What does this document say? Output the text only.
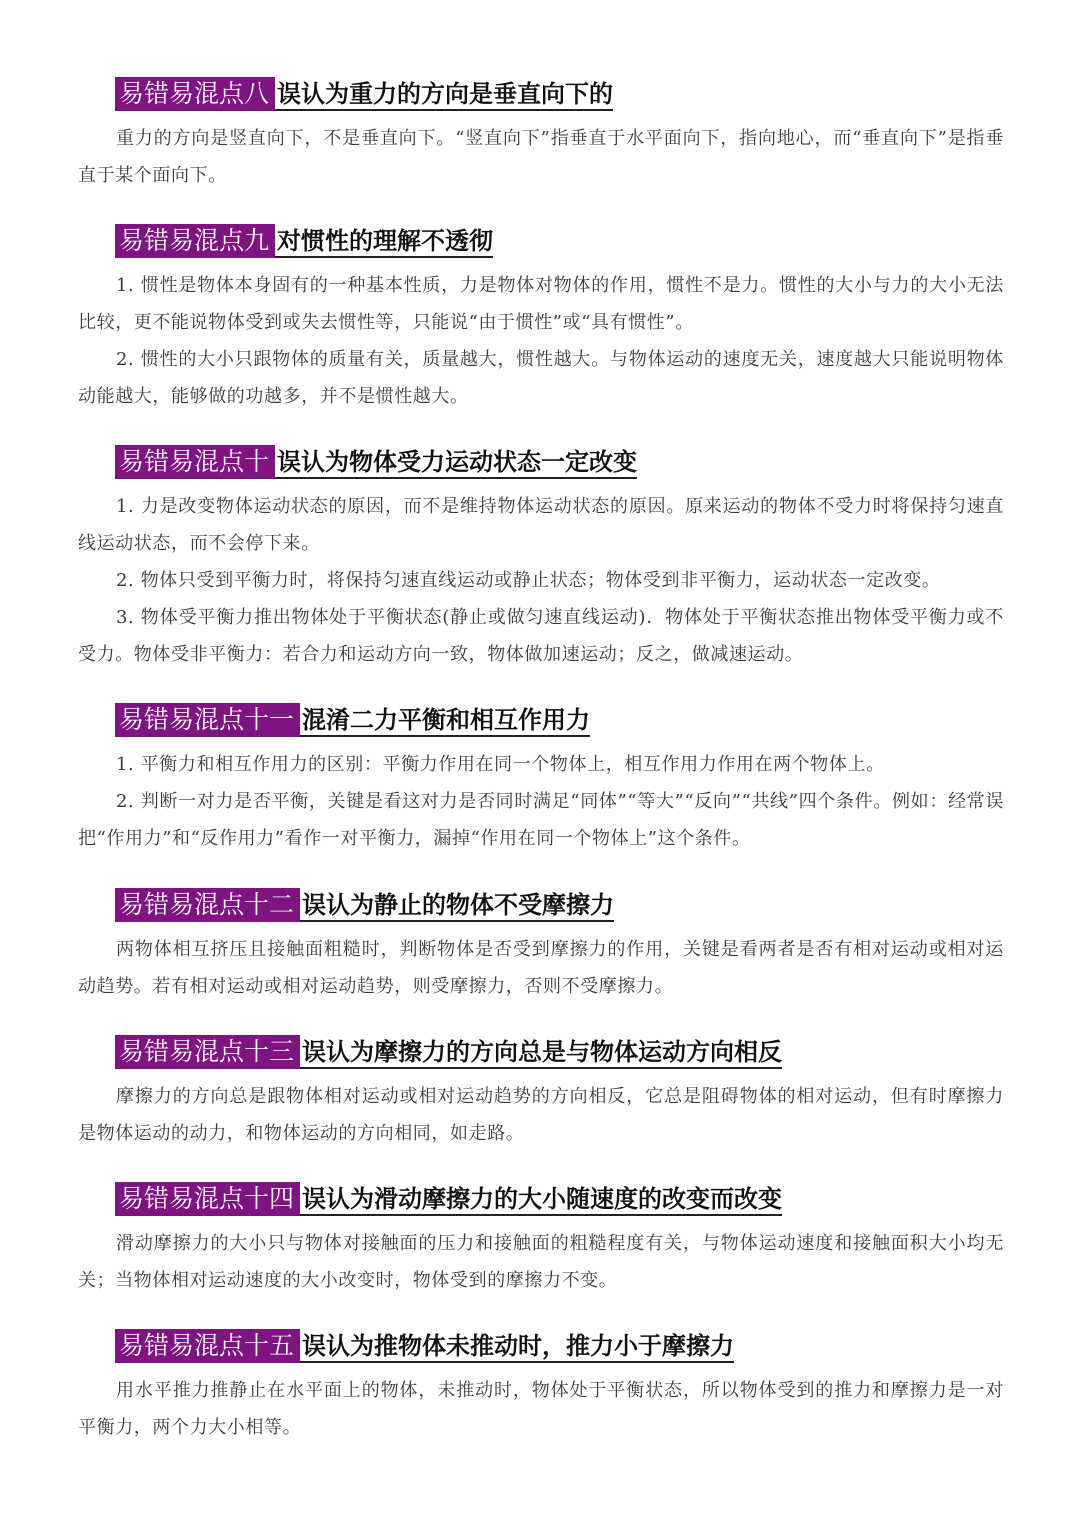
易错易混点八 误认为重力的方向是垂直向下的

重力的方向是竖直向下，不是垂直向下。“竖直向下”指垂直于水平面向下，指向地心，而“垂直向下”是指垂直于某个面向下。

易错易混点九 对惯性的理解不透彻

1. 惯性是物体本身固有的一种基本性质，力是物体对物体的作用，惯性不是力。惯性的大小与力的大小无法比较，更不能说物体受到或失去惯性等，只能说“由于惯性”或“具有惯性”。

2. 惯性的大小只跟物体的质量有关，质量越大，惯性越大。与物体运动的速度无关，速度越大只能说明物体动能越大，能够做的功越多，并不是惯性越大。

易错易混点十 误认为物体受力运动状态一定改变

1. 力是改变物体运动状态的原因，而不是维持物体运动状态的原因。原来运动的物体不受力时将保持匀速直线运动状态，而不会停下来。

2. 物体只受到平衡力时，将保持匀速直线运动或静止状态；物体受到非平衡力，运动状态一定改变。

3. 物体受平衡力推出物体处于平衡状态(静止或做匀速直线运动)．物体处于平衡状态推出物体受平衡力或不受力。物体受非平衡力：若合力和运动方向一致，物体做加速运动；反之，做减速运动。

易错易混点十一 混淆二力平衡和相互作用力

1. 平衡力和相互作用力的区别：平衡力作用在同一个物体上，相互作用力作用在两个物体上。

2. 判断一对力是否平衡，关键是看这对力是否同时满足“同体”“等大”“反向”“共线”四个条件。例如：经常误把“作用力”和“反作用力”看作一对平衡力，漏掉“作用在同一个物体上”这个条件。

易错易混点十二 误认为静止的物体不受摩擦力

两物体相互挤压且接触面粗糙时，判断物体是否受到摩擦力的作用，关键是看两者是否有相对运动或相对运动趋势。若有相对运动或相对运动趋势，则受摩擦力，否则不受摩擦力。

易错易混点十三 误认为摩擦力的方向总是与物体运动方向相反

摩擦力的方向总是跟物体相对运动或相对运动趋势的方向相反，它总是阻碍物体的相对运动，但有时摩擦力是物体运动的动力，和物体运动的方向相同，如走路。

易错易混点十四 误认为滑动摩擦力的大小随速度的改变而改变

滑动摩擦力的大小只与物体对接触面的压力和接触面的粗糙程度有关，与物体运动速度和接触面积大小均无关；当物体相对运动速度的大小改变时，物体受到的摩擦力不变。

易错易混点十五 误认为推物体未推动时，推力小于摩擦力

用水平推力推静止在水平面上的物体，未推动时，物体处于平衡状态，所以物体受到的推力和摩擦力是一对平衡力，两个力大小相等。
